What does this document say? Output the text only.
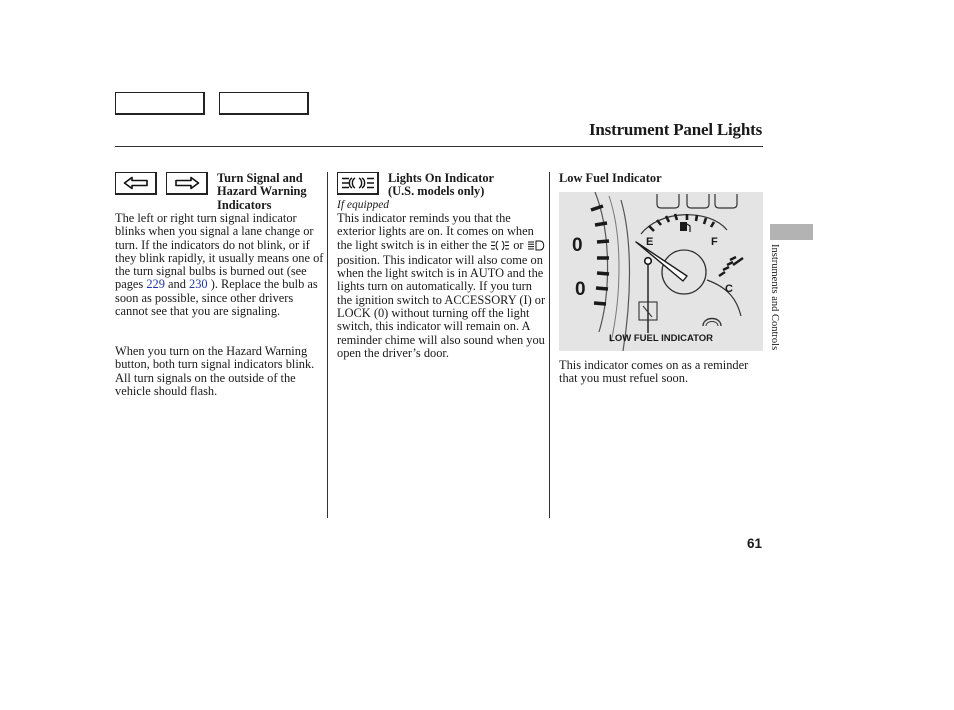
Instrument Panel Lights
Turn Signal and Hazard Warning Indicators
The left or right turn signal indicator blinks when you signal a lane change or turn. If the indicators do not blink, or if they blink rapidly, it usually means one of the turn signal bulbs is burned out (see pages 229 and 230 ). Replace the bulb as soon as possible, since other drivers cannot see that you are signaling.
When you turn on the Hazard Warning button, both turn signal indicators blink. All turn signals on the outside of the vehicle should flash.
Lights On Indicator
(U.S. models only)
If equipped
This indicator reminds you that the exterior lights are on. It comes on when the light switch is in either the  or  position. This indicator will also come on when the light switch is in AUTO and the lights turn on automatically. If you turn the ignition switch to ACCESSORY (I) or LOCK (0) without turning off the light switch, this indicator will remain on. A reminder chime will also sound when you open the driver’s door.
Low Fuel Indicator
0
0
E	F
C
LOW FUEL INDICATOR
This indicator comes on as a reminder that you must refuel soon.
Instruments and Controls
61
